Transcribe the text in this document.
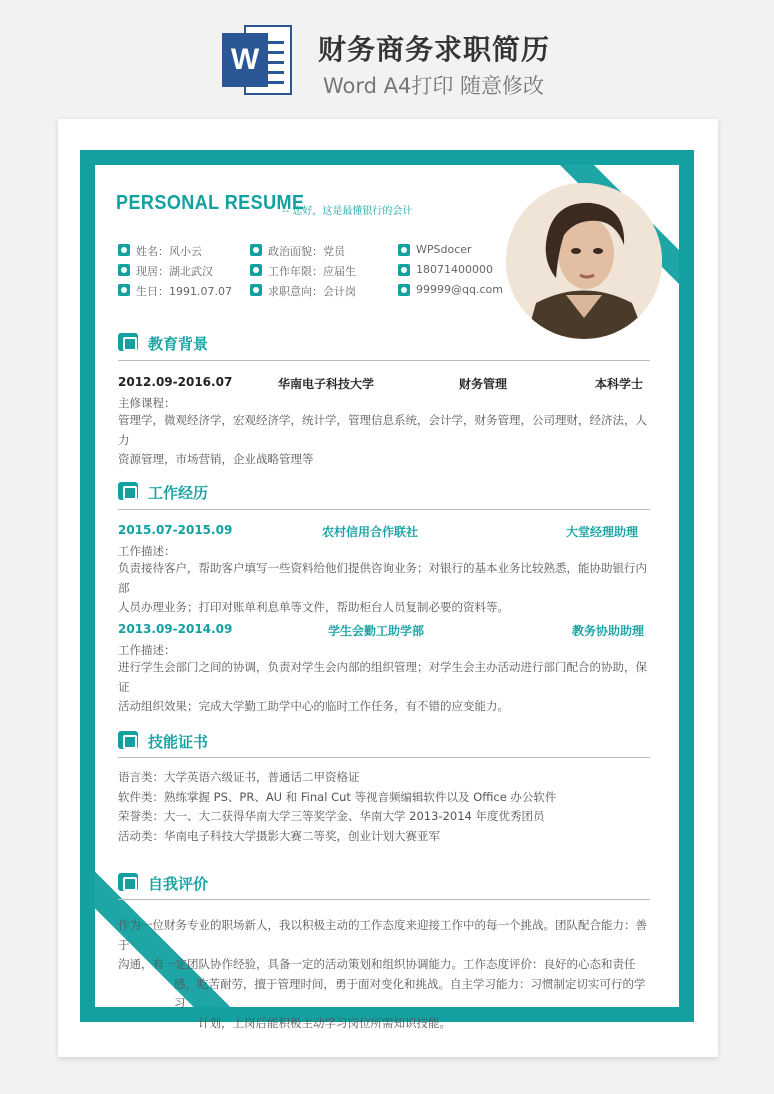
W	财务商务求职简历
Word A4打印 随意修改
PERSONAL RESUME
-- 您好，这是最懂银行的会计
姓名：风小云
现居：湖北武汉
生日：1991.07.07
政治面貌：党员
工作年限：应届生
求职意向：会计岗
WPSdocer
18071400000
99999@qq.com
教育背景
2012.09-2016.07	华南电子科技大学	财务管理	本科学士
主修课程：
管理学，微观经济学，宏观经济学，统计学，管理信息系统，会计学，财务管理，公司理财，经济法，人力
资源管理，市场营销，企业战略管理等
工作经历
2015.07-2015.09	农村信用合作联社	大堂经理助理
工作描述：
负责接待客户，帮助客户填写一些资料给他们提供咨询业务；对银行的基本业务比较熟悉，能协助银行内部
人员办理业务；打印对账单利息单等文件，帮助柜台人员复制必要的资料等。
2013.09-2014.09	学生会勤工助学部	教务协助助理
工作描述：
进行学生会部门之间的协调，负责对学生会内部的组织管理；对学生会主办活动进行部门配合的协助，保证
活动组织效果；完成大学勤工助学中心的临时工作任务，有不错的应变能力。
技能证书
语言类：大学英语六级证书，普通话二甲资格证
软件类：熟练掌握 PS、PR、AU 和 Final Cut 等视音频编辑软件以及 Office 办公软件
荣誉类：大一、大二获得华南大学三等奖学金、华南大学 2013-2014 年度优秀团员
活动类：华南电子科技大学摄影大赛二等奖，创业计划大赛亚军
自我评价
作为一位财务专业的职场新人，我以积极主动的工作态度来迎接工作中的每一个挑战。团队配合能力：善于
沟通，有一定团队协作经验，具备一定的活动策划和组织协调能力。工作态度评价：良好的心态和责任
感，吃苦耐劳，擅于管理时间，勇于面对变化和挑战。自主学习能力：习惯制定切实可行的学习
计划，上岗后能积极主动学习岗位所需知识技能。
